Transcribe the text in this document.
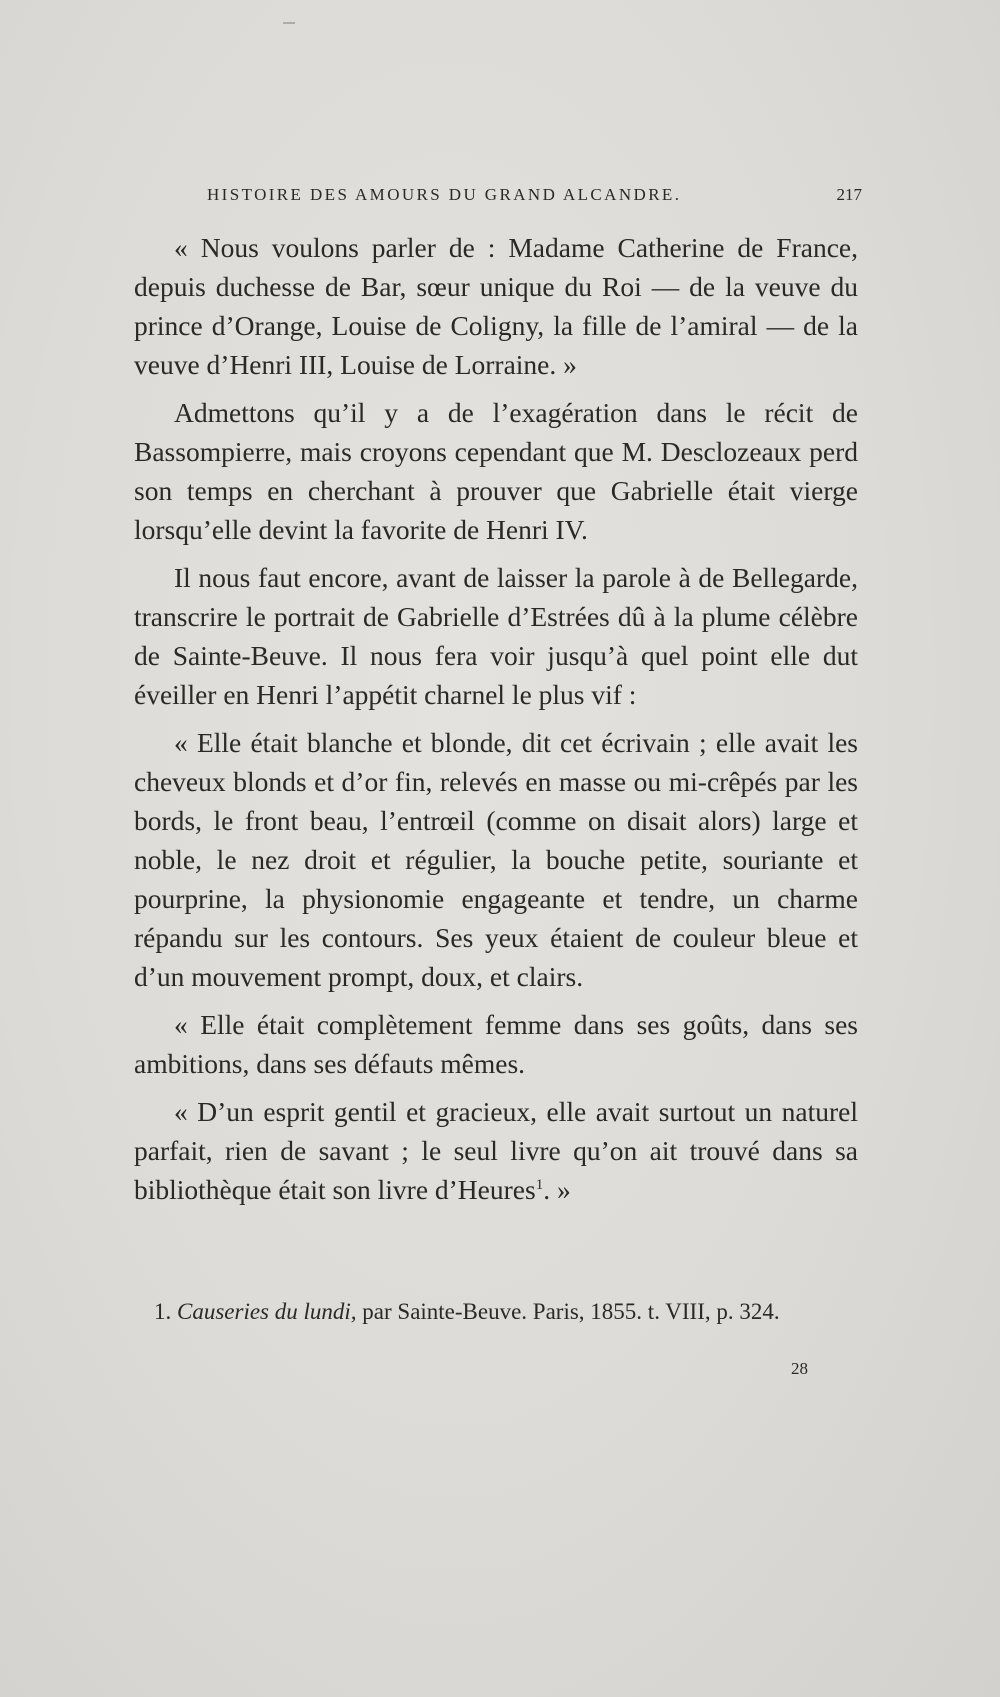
HISTOIRE DES AMOURS DU GRAND ALCANDRE.	217

« Nous voulons parler de : Madame Catherine de France, depuis duchesse de Bar, sœur unique du Roi — de la veuve du prince d’Orange, Louise de Coligny, la fille de l’amiral — de la veuve d’Henri III, Louise de Lorraine. »

Admettons qu’il y a de l’exagération dans le récit de Bassompierre, mais croyons cependant que M. Desclozeaux perd son temps en cherchant à prouver que Gabrielle était vierge lorsqu’elle devint la favorite de Henri IV.

Il nous faut encore, avant de laisser la parole à de Bellegarde, transcrire le portrait de Gabrielle d’Estrées dû à la plume célèbre de Sainte-Beuve. Il nous fera voir jusqu’à quel point elle dut éveiller en Henri l’appétit charnel le plus vif :

« Elle était blanche et blonde, dit cet écrivain ; elle avait les cheveux blonds et d’or fin, relevés en masse ou mi-crêpés par les bords, le front beau, l’entrœil (comme on disait alors) large et noble, le nez droit et régulier, la bouche petite, souriante et pourprine, la physionomie engageante et tendre, un charme répandu sur les contours. Ses yeux étaient de couleur bleue et d’un mouvement prompt, doux, et clairs.

« Elle était complètement femme dans ses goûts, dans ses ambitions, dans ses défauts mêmes.

« D’un esprit gentil et gracieux, elle avait surtout un naturel parfait, rien de savant ; le seul livre qu’on ait trouvé dans sa bibliothèque était son livre d’Heures$^1$. »

1. Causeries du lundi, par Sainte-Beuve. Paris, 1855. t. VIII, p. 324.
28
